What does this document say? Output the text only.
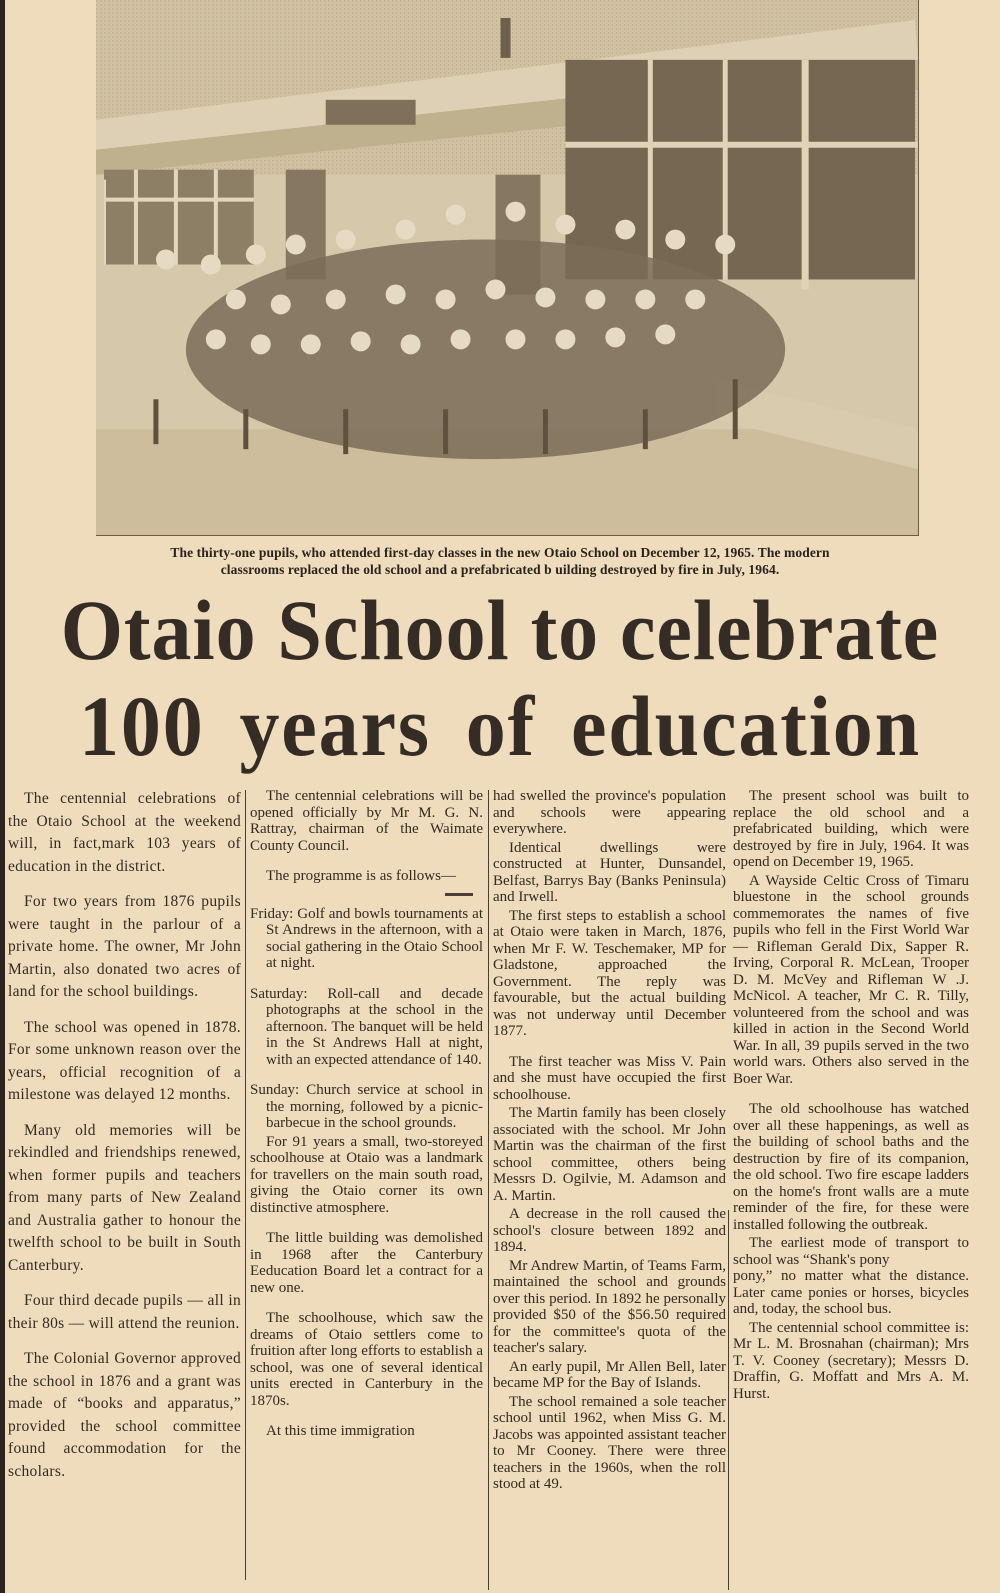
The thirty-one pupils, who attended first-day classes in the new Otaio School on December 12, 1965. The modern
classrooms replaced the old school and a prefabricated b uilding destroyed by fire in July, 1964.
Otaio School to celebrate
100 years of education

The centennial celebrations of the Otaio School at the weekend will, in fact,mark 103 years of education in the district.

For two years from 1876 pupils were taught in the parlour of a private home. The owner, Mr John Martin, also donated two acres of land for the school buildings.

The school was opened in 1878. For some unknown reason over the years, official recognition of a milestone was delayed 12 months.

Many old memories will be rekindled and friendships renewed, when former pupils and teachers from many parts of New Zealand and Australia gather to honour the twelfth school to be built in South Canterbury.

Four third decade pupils — all in their 80s — will attend the reunion.

The Colonial Governor approved the school in 1876 and a grant was made of “books and apparatus,” provided the school committee found accommodation for the scholars.

The centennial celebrations will be opened officially by Mr M. G. N. Rattray, chairman of the Waimate County Council.

The programme is as follows—

Friday: Golf and bowls tournaments at St Andrews in the afternoon, with a social gathering in the Otaio School at night.

Saturday: Roll-call and decade photographs at the school in the afternoon. The banquet will be held in the St Andrews Hall at night, with an expected attendance of 140.

Sunday: Church service at school in the morning, followed by a picnic-barbecue in the school grounds.

For 91 years a small, two-storeyed schoolhouse at Otaio was a landmark for travellers on the main south road, giving the Otaio corner its own distinctive atmosphere.

The little building was demolished in 1968 after the Canterbury Eeducation Board let a contract for a new one.

The schoolhouse, which saw the dreams of Otaio settlers come to fruition after long efforts to establish a school, was one of several identical units erected in Canterbury in the 1870s.

At this time immigration

had swelled the province's population and schools were appearing everywhere.

Identical dwellings were constructed at Hunter, Dunsandel, Belfast, Barrys Bay (Banks Peninsula) and Irwell.

The first steps to establish a school at Otaio were taken in March, 1876, when Mr F. W. Teschemaker, MP for Gladstone, approached the Government. The reply was favourable, but the actual building was not underway until December 1877.

The first teacher was Miss V. Pain and she must have occupied the first schoolhouse.

The Martin family has been closely associated with the school. Mr John Martin was the chairman of the first school committee, others being Messrs D. Ogilvie, M. Adamson and A. Martin.

A decrease in the roll caused the school's closure between 1892 and 1894.

Mr Andrew Martin, of Teams Farm, maintained the school and grounds over this period. In 1892 he personally provided $50 of the $56.50 required for the committee's quota of the teacher's salary.

An early pupil, Mr Allen Bell, later became MP for the Bay of Islands.

The school remained a sole teacher school until 1962, when Miss G. M. Jacobs was appointed assistant teacher to Mr Cooney. There were three teachers in the 1960s, when the roll stood at 49.

The present school was built to replace the old school and a prefabricated building, which were destroyed by fire in July, 1964. It was opend on December 19, 1965.

A Wayside Celtic Cross of Timaru bluestone in the school grounds commemorates the names of five pupils who fell in the First World War — Rifleman Gerald Dix, Sapper R. Irving, Corporal R. McLean, Trooper D. M. McVey and Rifleman W .J. McNicol. A teacher, Mr C. R. Tilly, volunteered from the school and was killed in action in the Second World War. In all, 39 pupils served in the two world wars. Others also served in the Boer War.

The old schoolhouse has watched over all these happenings, as well as the building of school baths and the destruction by fire of its companion, the old school. Two fire escape ladders on the home's front walls are a mute reminder of the fire, for these were installed following the outbreak.

The earliest mode of transport to school was “Shank's pony

pony,” no matter what the distance. Later came ponies or horses, bicycles and, today, the school bus.

The centennial school committee is: Mr L. M. Brosnahan (chairman); Mrs T. V. Cooney (secretary); Messrs D. Draffin, G. Moffatt and Mrs A. M. Hurst.
